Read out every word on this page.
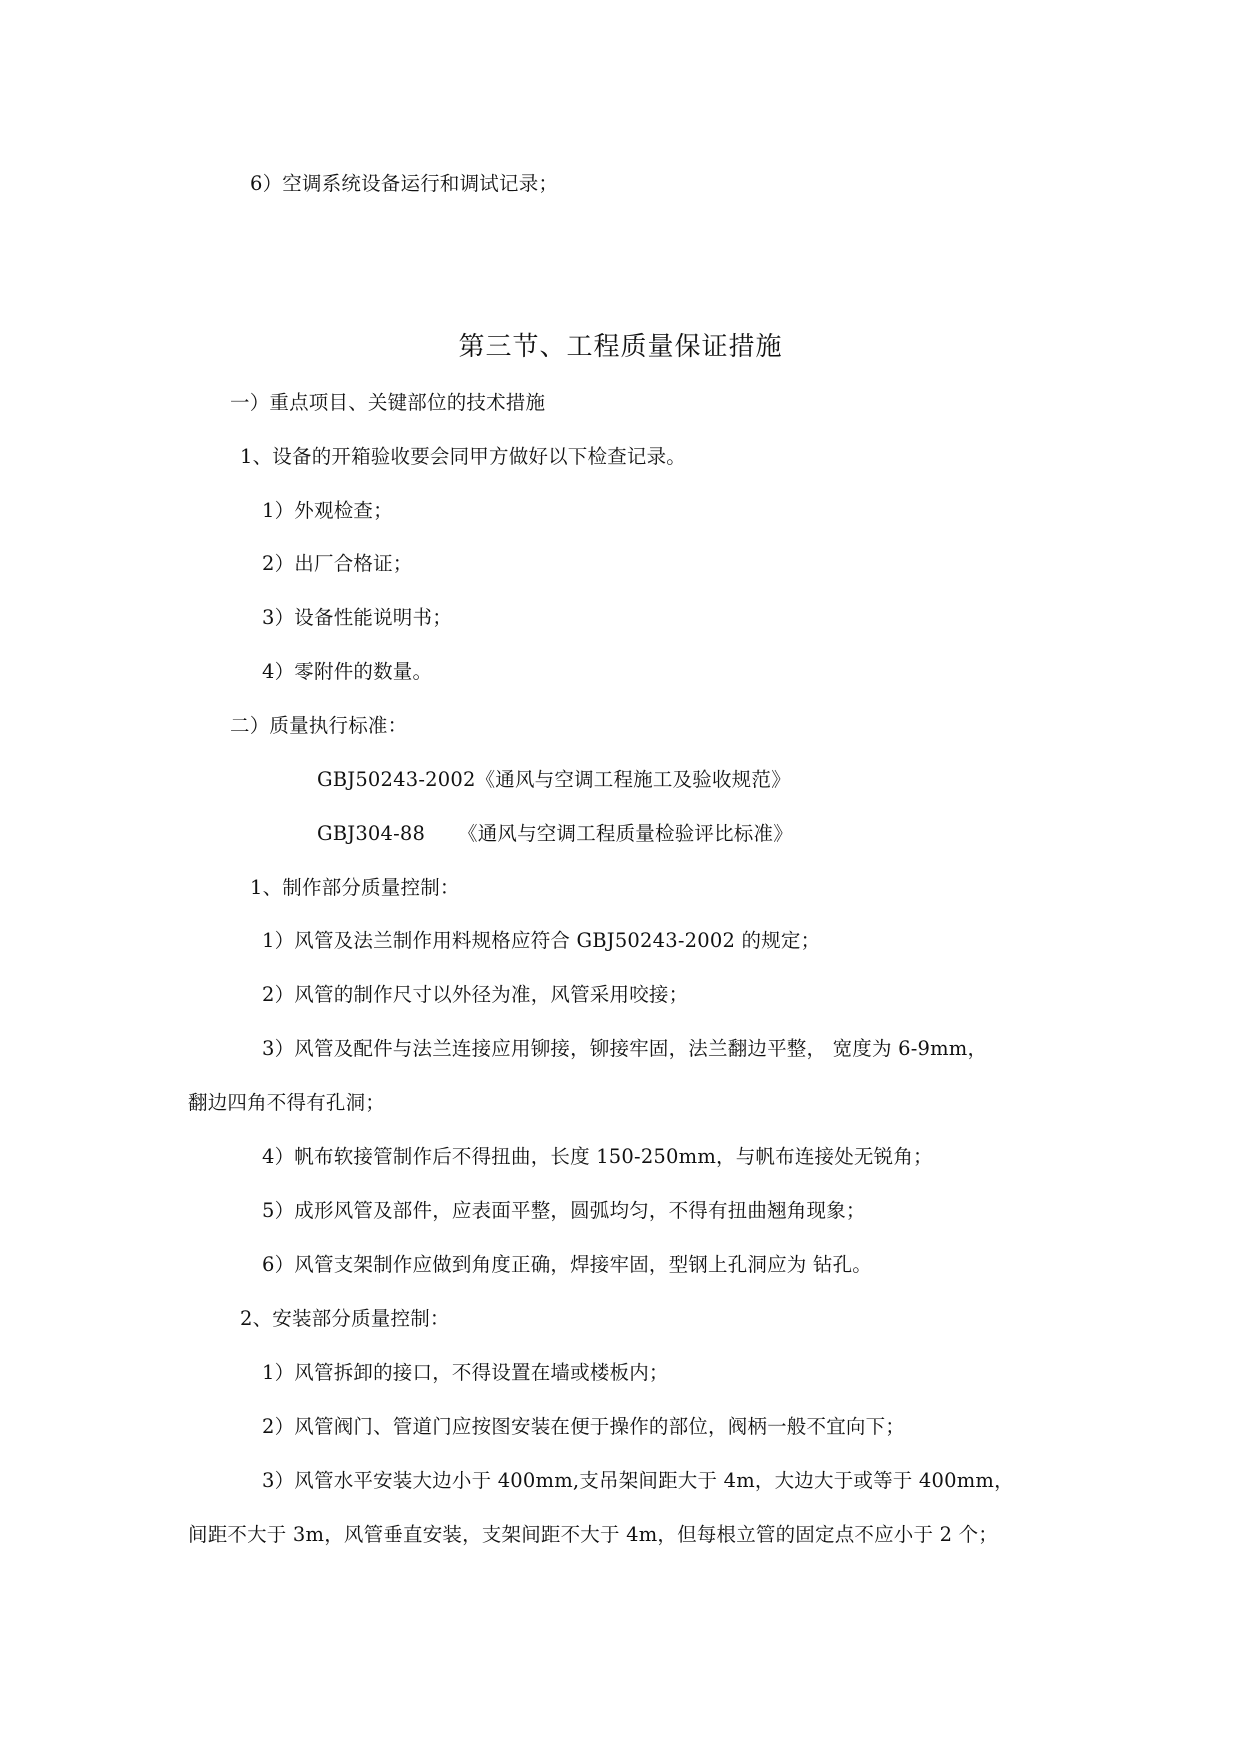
6）空调系统设备运行和调试记录；
第三节、工程质量保证措施
一）重点项目、关键部位的技术措施
1、设备的开箱验收要会同甲方做好以下检查记录。
1）外观检查；
2）出厂合格证；
3）设备性能说明书；
4）零附件的数量。
二）质量执行标准：
GBJ50243-2002《通风与空调工程施工及验收规范》
GBJ304-88 《通风与空调工程质量检验评比标准》
1、制作部分质量控制：
1）风管及法兰制作用料规格应符合 GBJ50243-2002 的规定；
2）风管的制作尺寸以外径为准，风管采用咬接；
3）风管及配件与法兰连接应用铆接，铆接牢固，法兰翻边平整， 宽度为 6-9mm，
翻边四角不得有孔洞；
4）帆布软接管制作后不得扭曲，长度 150-250mm，与帆布连接处无锐角；
5）成形风管及部件，应表面平整，圆弧均匀，不得有扭曲翘角现象；
6）风管支架制作应做到角度正确，焊接牢固，型钢上孔洞应为 钻孔。
2、安装部分质量控制：
1）风管拆卸的接口，不得设置在墙或楼板内；
2）风管阀门、管道门应按图安装在便于操作的部位，阀柄一般不宜向下；
3）风管水平安装大边小于 400mm,支吊架间距大于 4m，大边大于或等于 400mm，
间距不大于 3m，风管垂直安装，支架间距不大于 4m，但每根立管的固定点不应小于 2 个；
